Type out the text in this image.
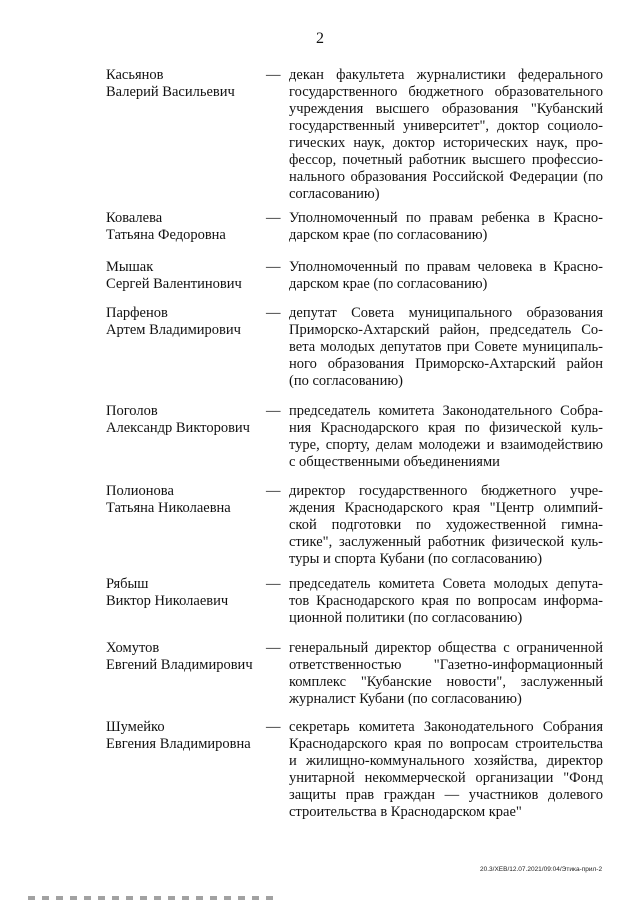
2
Касьянов
Валерий Васильевич
— декан факультета журналистики федерального
государственного бюджетного образовательного
учреждения высшего образования "Кубанский
государственный университет", доктор социоло-
гических наук, доктор исторических наук, про-
фессор, почетный работник высшего профессио-
нального образования Российской Федерации (по
согласованию)
Ковалева
Татьяна Федоровна
— Уполномоченный по правам ребенка в Красно-
дарском крае (по согласованию)
Мышак
Сергей Валентинович
— Уполномоченный по правам человека в Красно-
дарском крае (по согласованию)
Парфенов
Артем Владимирович
— депутат Совета муниципального образования
Приморско-Ахтарский район, председатель Со-
вета молодых депутатов при Совете муниципаль-
ного образования Приморско-Ахтарский район
(по согласованию)
Поголов
Александр Викторович
— председатель комитета Законодательного Собра-
ния Краснодарского края по физической куль-
туре, спорту, делам молодежи и взаимодействию
с общественными объединениями
Полионова
Татьяна Николаевна
— директор государственного бюджетного учре-
ждения Краснодарского края "Центр олимпий-
ской подготовки по художественной гимна-
стике", заслуженный работник физической куль-
туры и спорта Кубани (по согласованию)
Рябыш
Виктор Николаевич
— председатель комитета Совета молодых депута-
тов Краснодарского края по вопросам информа-
ционной политики (по согласованию)
Хомутов
Евгений Владимирович
— генеральный директор общества с ограниченной
ответственностью "Газетно-информационный
комплекс "Кубанские новости", заслуженный
журналист Кубани (по согласованию)
Шумейко
Евгения Владимировна
— секретарь комитета Законодательного Собрания
Краснодарского края по вопросам строительства
и жилищно-коммунального хозяйства, директор
унитарной некоммерческой организации "Фонд
защиты прав граждан — участников долевого
строительства в Краснодарском крае"
20.3/ХЕВ/12.07.2021/09:04/Этика-прил-2
